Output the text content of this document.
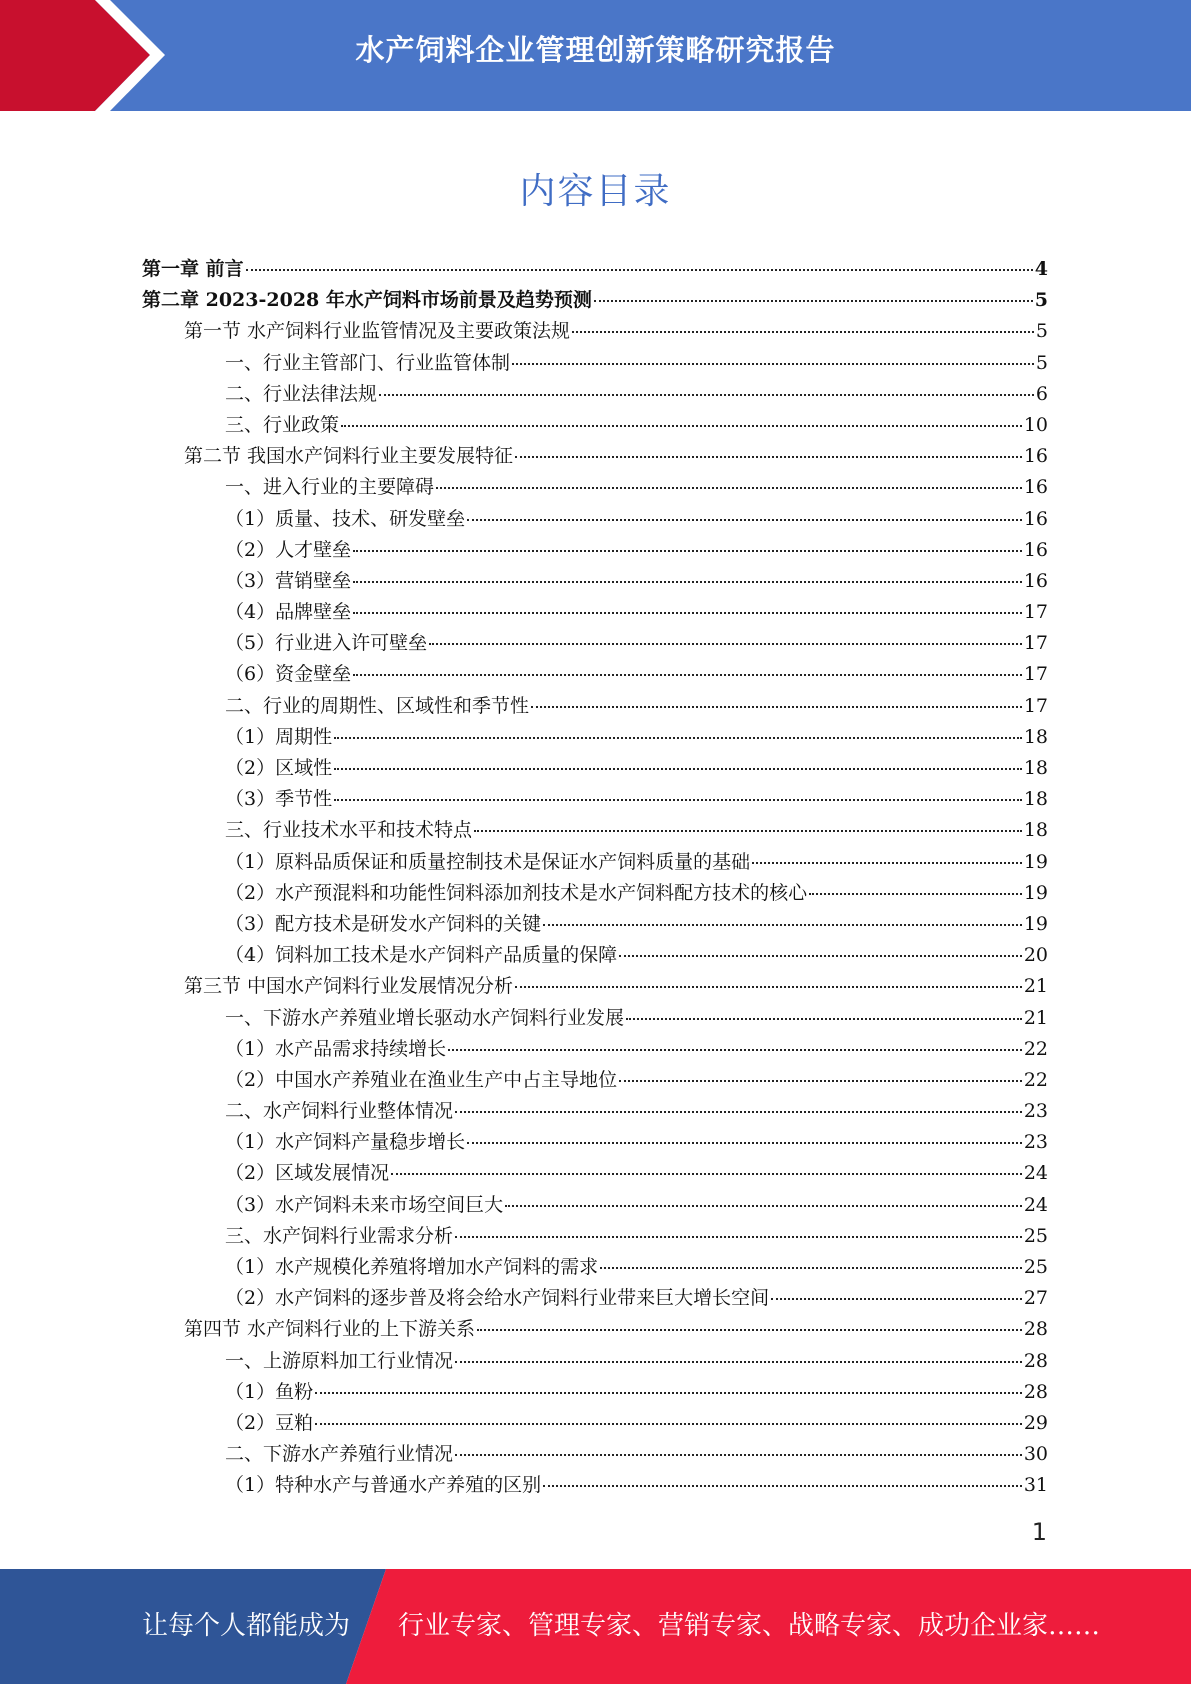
水产饲料企业管理创新策略研究报告
内容目录
第一章 前言	4
第二章 2023-2028 年水产饲料市场前景及趋势预测	5
第一节 水产饲料行业监管情况及主要政策法规	5
一、行业主管部门、行业监管体制	5
二、行业法律法规	6
三、行业政策	10
第二节 我国水产饲料行业主要发展特征	16
一、进入行业的主要障碍	16
（1）质量、技术、研发壁垒	16
（2）人才壁垒	16
（3）营销壁垒	16
（4）品牌壁垒	17
（5）行业进入许可壁垒	17
（6）资金壁垒	17
二、行业的周期性、区域性和季节性	17
（1）周期性	18
（2）区域性	18
（3）季节性	18
三、行业技术水平和技术特点	18
（1）原料品质保证和质量控制技术是保证水产饲料质量的基础	19
（2）水产预混料和功能性饲料添加剂技术是水产饲料配方技术的核心	19
（3）配方技术是研发水产饲料的关键	19
（4）饲料加工技术是水产饲料产品质量的保障	20
第三节 中国水产饲料行业发展情况分析	21
一、下游水产养殖业增长驱动水产饲料行业发展	21
（1）水产品需求持续增长	22
（2）中国水产养殖业在渔业生产中占主导地位	22
二、水产饲料行业整体情况	23
（1）水产饲料产量稳步增长	23
（2）区域发展情况	24
（3）水产饲料未来市场空间巨大	24
三、水产饲料行业需求分析	25
（1）水产规模化养殖将增加水产饲料的需求	25
（2）水产饲料的逐步普及将会给水产饲料行业带来巨大增长空间	27
第四节 水产饲料行业的上下游关系	28
一、上游原料加工行业情况	28
（1）鱼粉	28
（2）豆粕	29
二、下游水产养殖行业情况	30
（1）特种水产与普通水产养殖的区别	31
1
让每个人都能成为 行业专家、管理专家、营销专家、战略专家、成功企业家……
